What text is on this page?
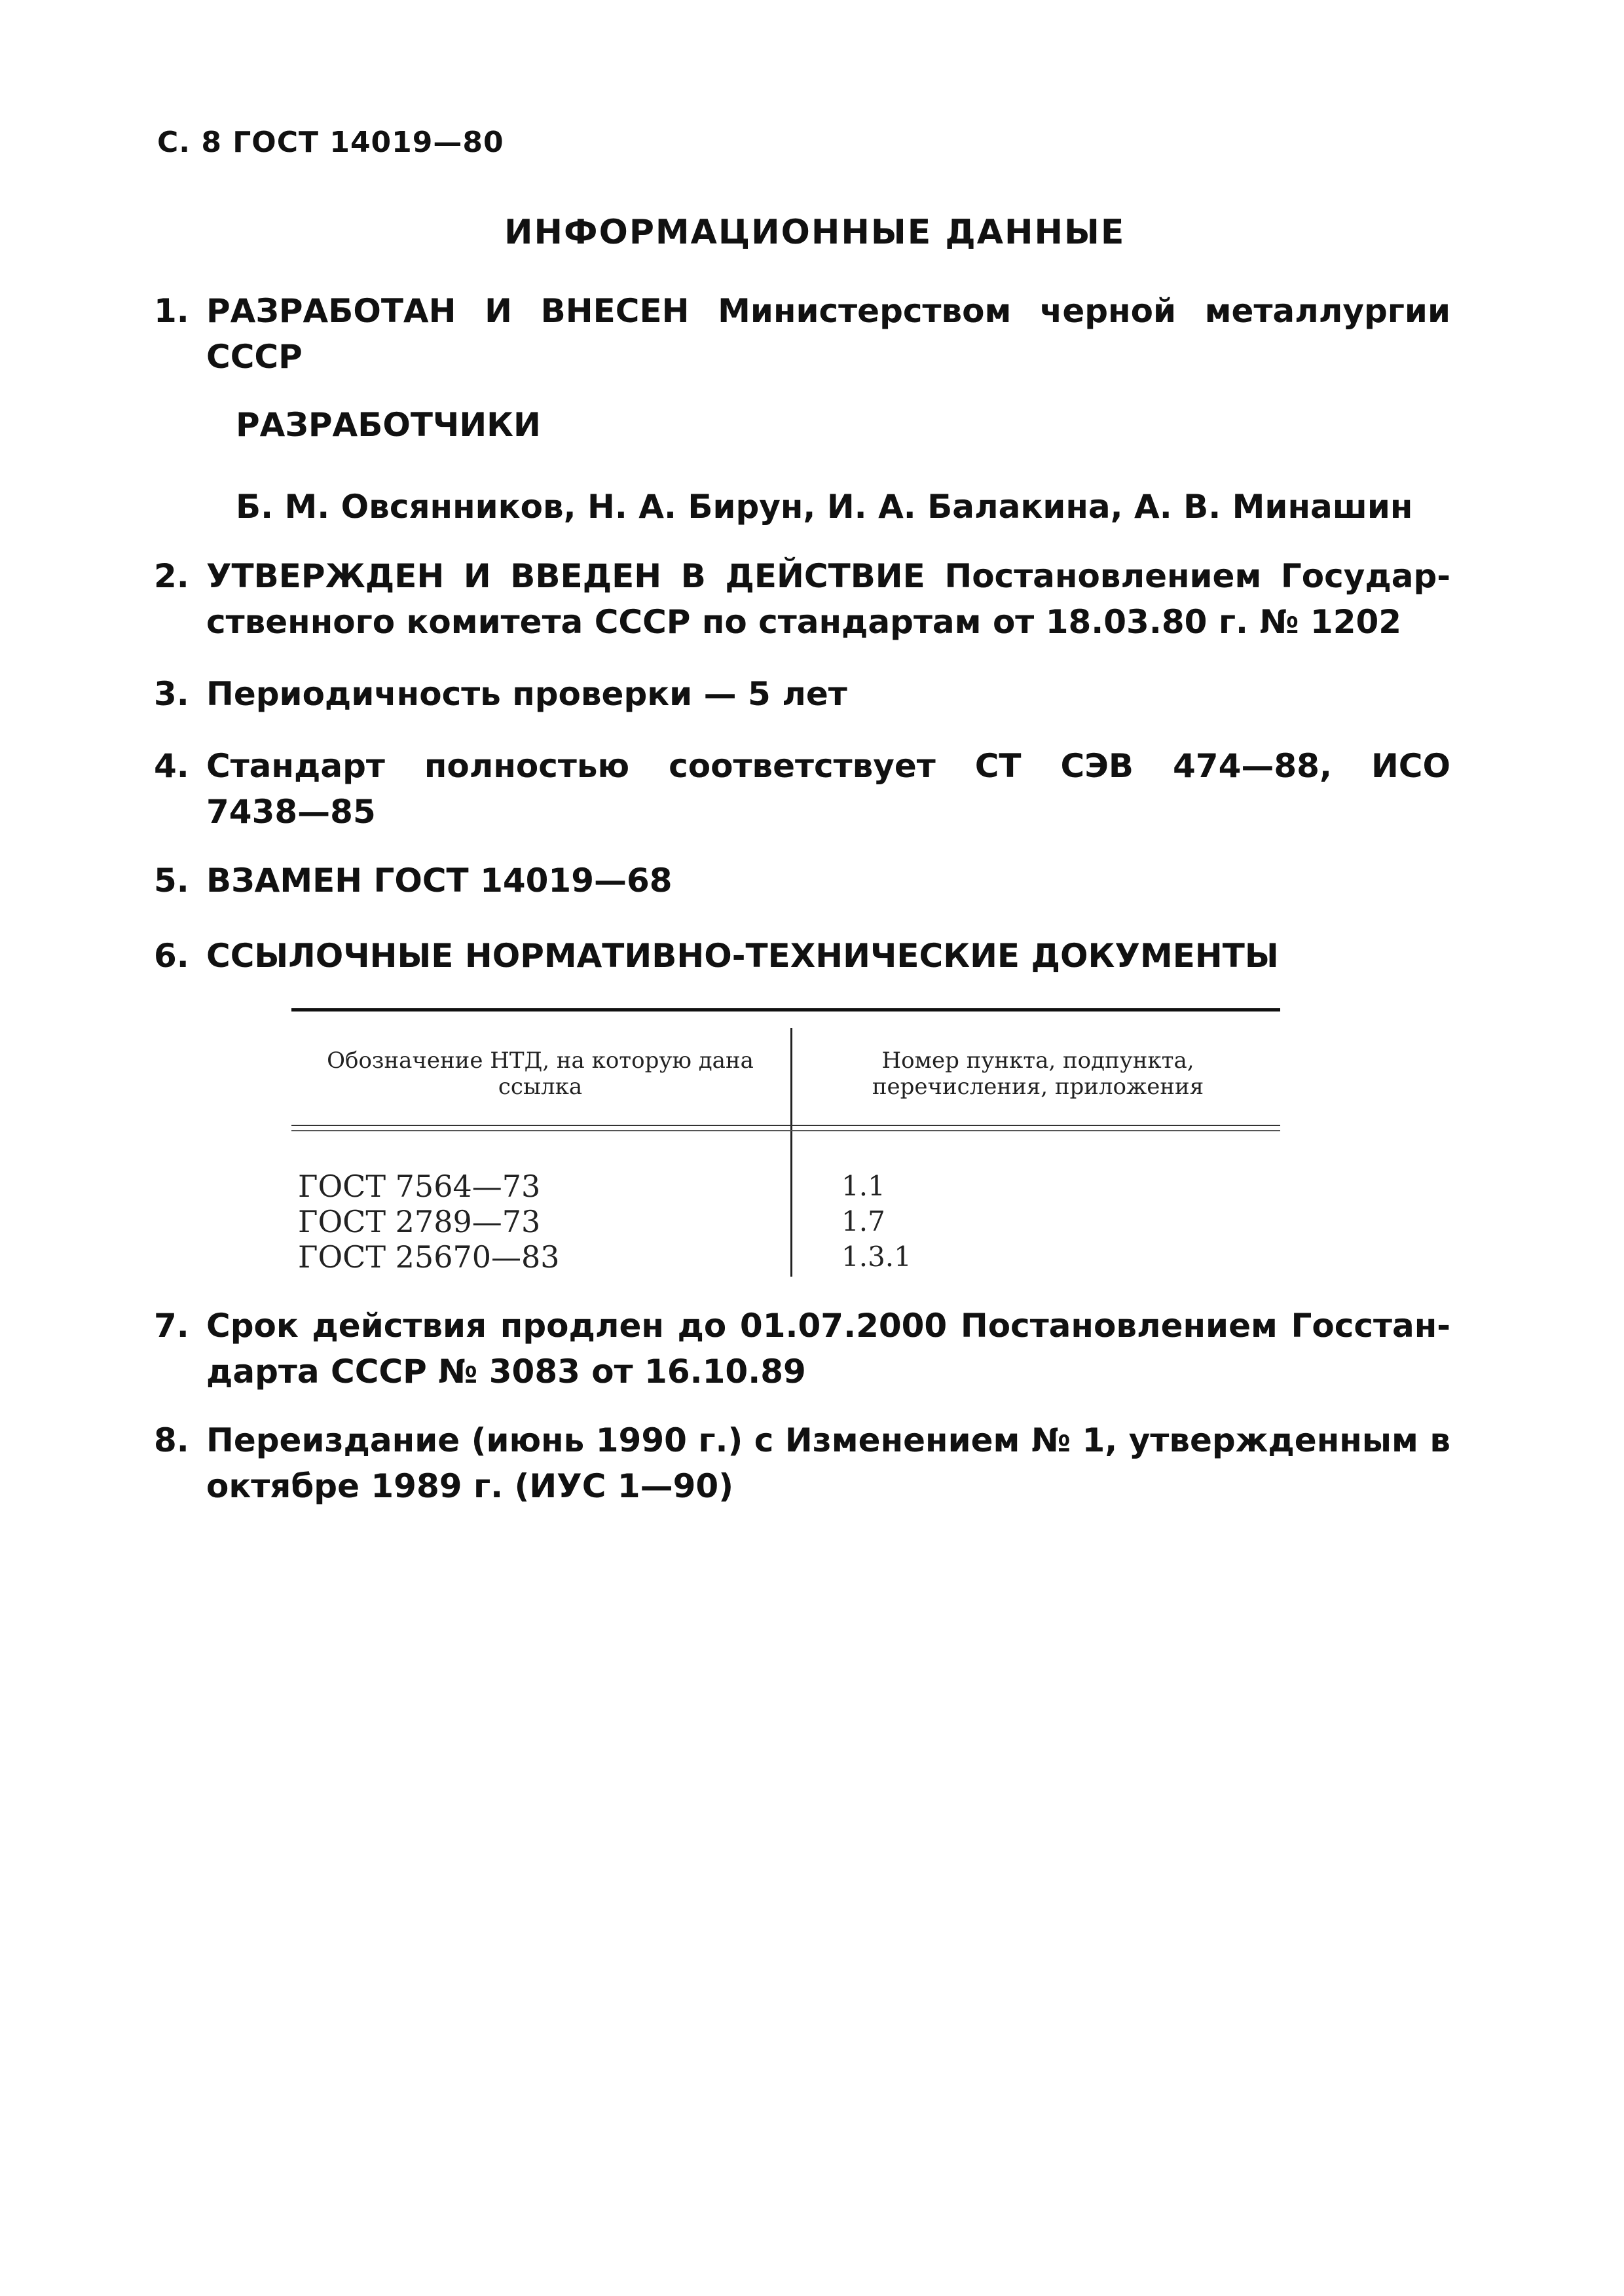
С. 8 ГОСТ 14019—80
ИНФОРМАЦИОННЫЕ ДАННЫЕ
1. РАЗРАБОТАН И ВНЕСЕН Министерством черной металлургии СССР
РАЗРАБОТЧИКИ
Б. М. Овсянников, Н. А. Бирун, И. А. Балакина, А. В. Минашин
2. УТВЕРЖДЕН И ВВЕДЕН В ДЕЙСТВИЕ Постановлением Государ-ственного комитета СССР по стандартам от 18.03.80 г. № 1202
3. Периодичность проверки — 5 лет
4. Стандарт полностью соответствует СТ СЭВ 474—88, ИСО
7438—85
5. ВЗАМЕН ГОСТ 14019—68
6. ССЫЛОЧНЫЕ НОРМАТИВНО-ТЕХНИЧЕСКИЕ ДОКУМЕНТЫ
Обозначение НТД, на которую дана ссылка
Номер пункта, подпункта, перечисления, приложения
ГОСТ 7564—73
ГОСТ 2789—73
ГОСТ 25670—83
1.1
1.7
1.3.1
7. Срок действия продлен до 01.07.2000 Постановлением Госстан-дарта СССР № 3083 от 16.10.89
8. Переиздание (июнь 1990 г.) с Изменением № 1, утвержденным в октябре 1989 г. (ИУС 1—90)
